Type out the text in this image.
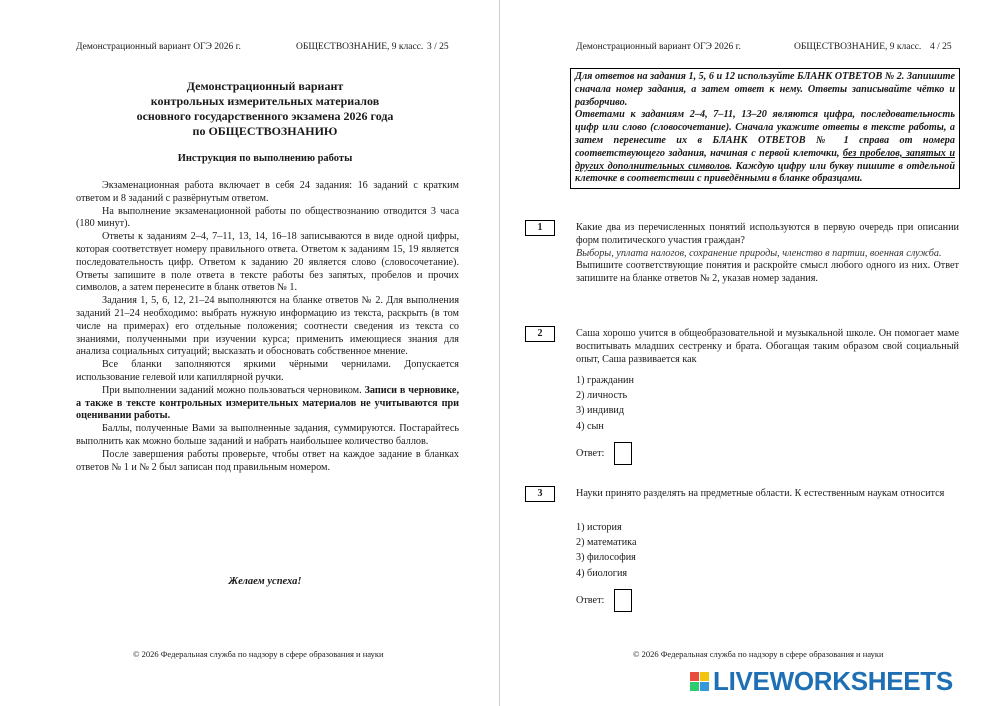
Демонстрационный вариант ОГЭ 2026 г.	ОБЩЕСТВОЗНАНИЕ, 9 класс. 3 / 25
Демонстрационный вариант
контрольных измерительных материалов
основного государственного экзамена 2026 года
по ОБЩЕСТВОЗНАНИЮ
Инструкция по выполнению работы

Экзаменационная работа включает в себя 24 задания: 16 заданий с кратким ответом и 8 заданий с развёрнутым ответом.

На выполнение экзаменационной работы по обществознанию отводится 3 часа (180 минут).

Ответы к заданиям 2–4, 7–11, 13, 14, 16–18 записываются в виде одной цифры, которая соответствует номеру правильного ответа. Ответом к заданиям 15, 19 является последовательность цифр. Ответом к заданию 20 является слово (словосочетание). Ответы запишите в поле ответа в тексте работы без запятых, пробелов и прочих символов, а затем перенесите в бланк ответов № 1.

Задания 1, 5, 6, 12, 21–24 выполняются на бланке ответов № 2. Для выполнения заданий 21–24 необходимо: выбрать нужную информацию из текста, раскрыть (в том числе на примерах) его отдельные положения; соотнести сведения из текста со знаниями, полученными при изучении курса; применить имеющиеся знания для анализа социальных ситуаций; высказать и обосновать собственное мнение.

Все бланки заполняются яркими чёрными чернилами. Допускается использование гелевой или капиллярной ручки.

При выполнении заданий можно пользоваться черновиком. Записи в черновике, а также в тексте контрольных измерительных материалов не учитываются при оценивании работы.

Баллы, полученные Вами за выполненные задания, суммируются. Постарайтесь выполнить как можно больше заданий и набрать наибольшее количество баллов.

После завершения работы проверьте, чтобы ответ на каждое задание в бланках ответов № 1 и № 2 был записан под правильным номером.

Желаем успеха!
© 2026 Федеральная служба по надзору в сфере образования и науки
Демонстрационный вариант ОГЭ 2026 г.	ОБЩЕСТВОЗНАНИЕ, 9 класс. 4 / 25

Для ответов на задания 1, 5, 6 и 12 используйте БЛАНК ОТВЕТОВ № 2. Запишите сначала номер задания, а затем ответ к нему. Ответы записывайте чётко и разборчиво.

Ответами к заданиям 2–4, 7–11, 13–20 являются цифра, последовательность цифр или слово (словосочетание). Сначала укажите ответы в тексте работы, а затем перенесите их в БЛАНК ОТВЕТОВ № 1 справа от номера соответствующего задания, начиная с первой клеточки, без пробелов, запятых и других дополнительных символов. Каждую цифру или букву пишите в отдельной клеточке в соответствии с приведёнными в бланке образцами.

1	Какие два из перечисленных понятий используются в первую очередь при описании форм политического участия граждан?

Выборы, уплата налогов, сохранение природы, членство в партии, военная служба.

Выпишите соответствующие понятия и раскройте смысл любого одного из них. Ответ запишите на бланке ответов № 2, указав номер задания.

2	Саша хорошо учится в общеобразовательной и музыкальной школе. Он помогает маме воспитывать младших сестренку и брата. Обогащая таким образом свой социальный опыт, Саша развивается как

1) гражданин
2) личность
3) индивид
4) сын
Ответ:
3	Науки принято разделять на предметные области. К естественным наукам относится

1) история
2) математика
3) философия
4) биология
Ответ:
© 2026 Федеральная служба по надзору в сфере образования и науки
LIVEWORKSHEETS
